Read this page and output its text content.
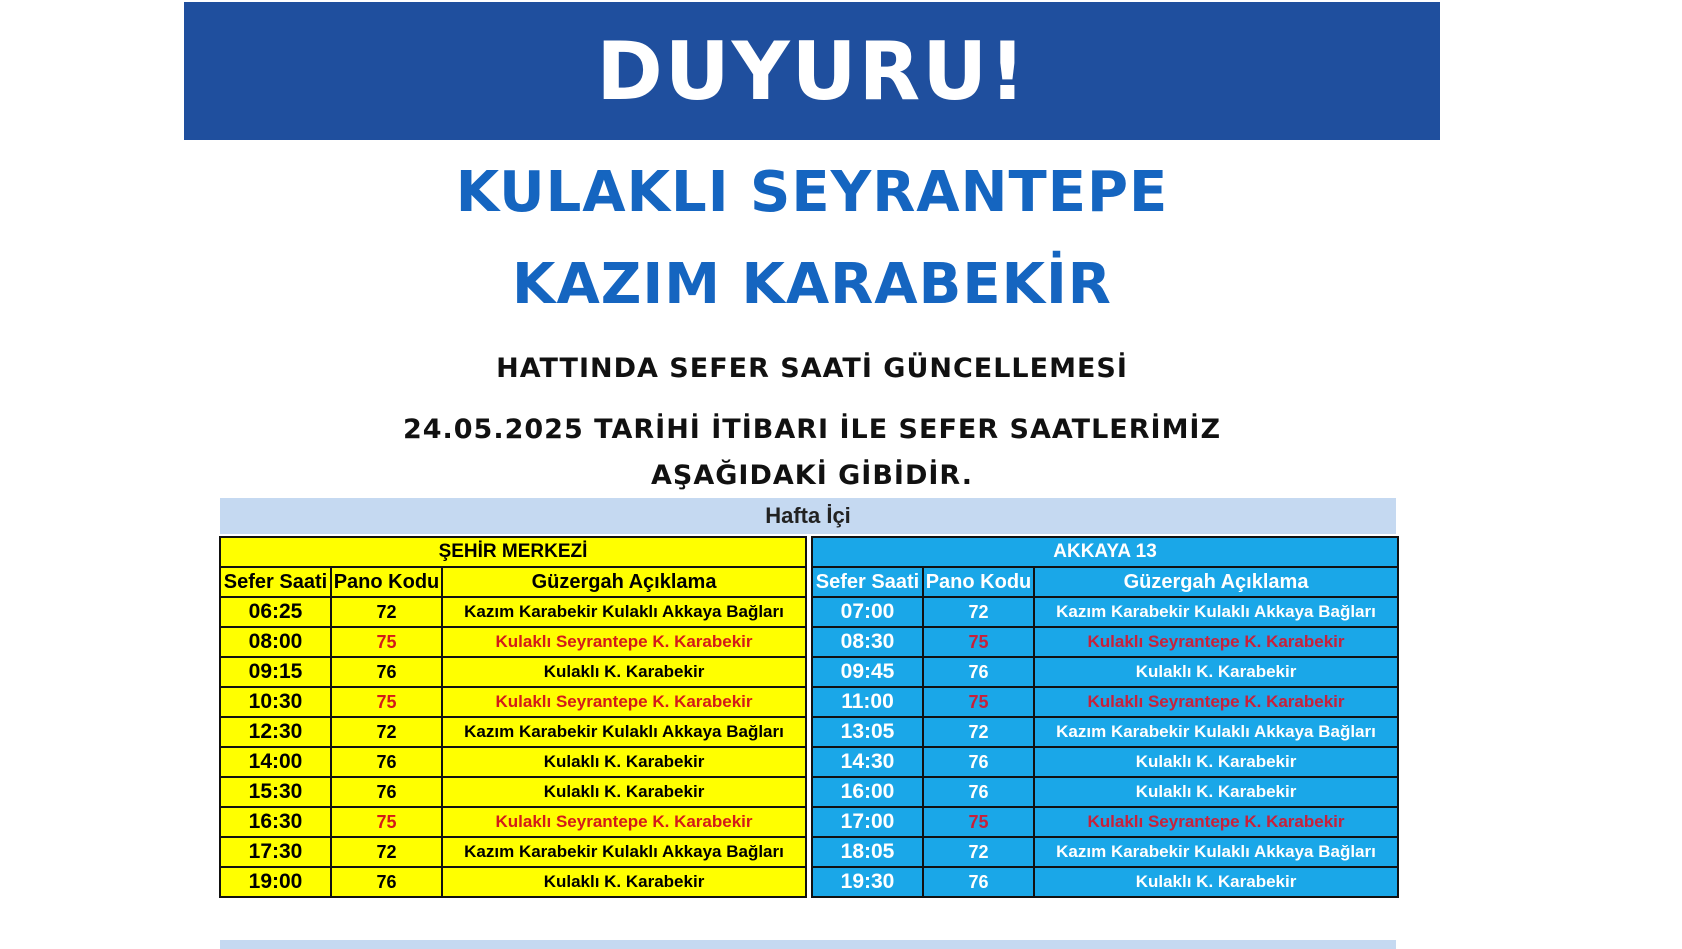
DUYURU!
KULAKLI SEYRANTEPE
KAZIM KARABEKİR
HATTINDA SEFER SAATİ GÜNCELLEMESİ
24.05.2025 TARİHİ İTİBARI İLE SEFER SAATLERİMİZ
AŞAĞIDAKİ GİBİDİR.
Hafta İçi
ŞEHİR MERKEZİ		
Sefer Saati	Pano Kodu	Güzergah Açıklama
06:25	72	Kazım Karabekir Kulaklı Akkaya Bağları
08:00	75	Kulaklı Seyrantepe K. Karabekir
09:15	76	Kulaklı K. Karabekir
10:30	75	Kulaklı Seyrantepe K. Karabekir
12:30	72	Kazım Karabekir Kulaklı Akkaya Bağları
14:00	76	Kulaklı K. Karabekir
15:30	76	Kulaklı K. Karabekir
16:30	75	Kulaklı Seyrantepe K. Karabekir
17:30	72	Kazım Karabekir Kulaklı Akkaya Bağları
19:00	76	Kulaklı K. Karabekir
AKKAYA 13		
Sefer Saati	Pano Kodu	Güzergah Açıklama
07:00	72	Kazım Karabekir Kulaklı Akkaya Bağları
08:30	75	Kulaklı Seyrantepe K. Karabekir
09:45	76	Kulaklı K. Karabekir
11:00	75	Kulaklı Seyrantepe K. Karabekir
13:05	72	Kazım Karabekir Kulaklı Akkaya Bağları
14:30	76	Kulaklı K. Karabekir
16:00	76	Kulaklı K. Karabekir
17:00	75	Kulaklı Seyrantepe K. Karabekir
18:05	72	Kazım Karabekir Kulaklı Akkaya Bağları
19:30	76	Kulaklı K. Karabekir
